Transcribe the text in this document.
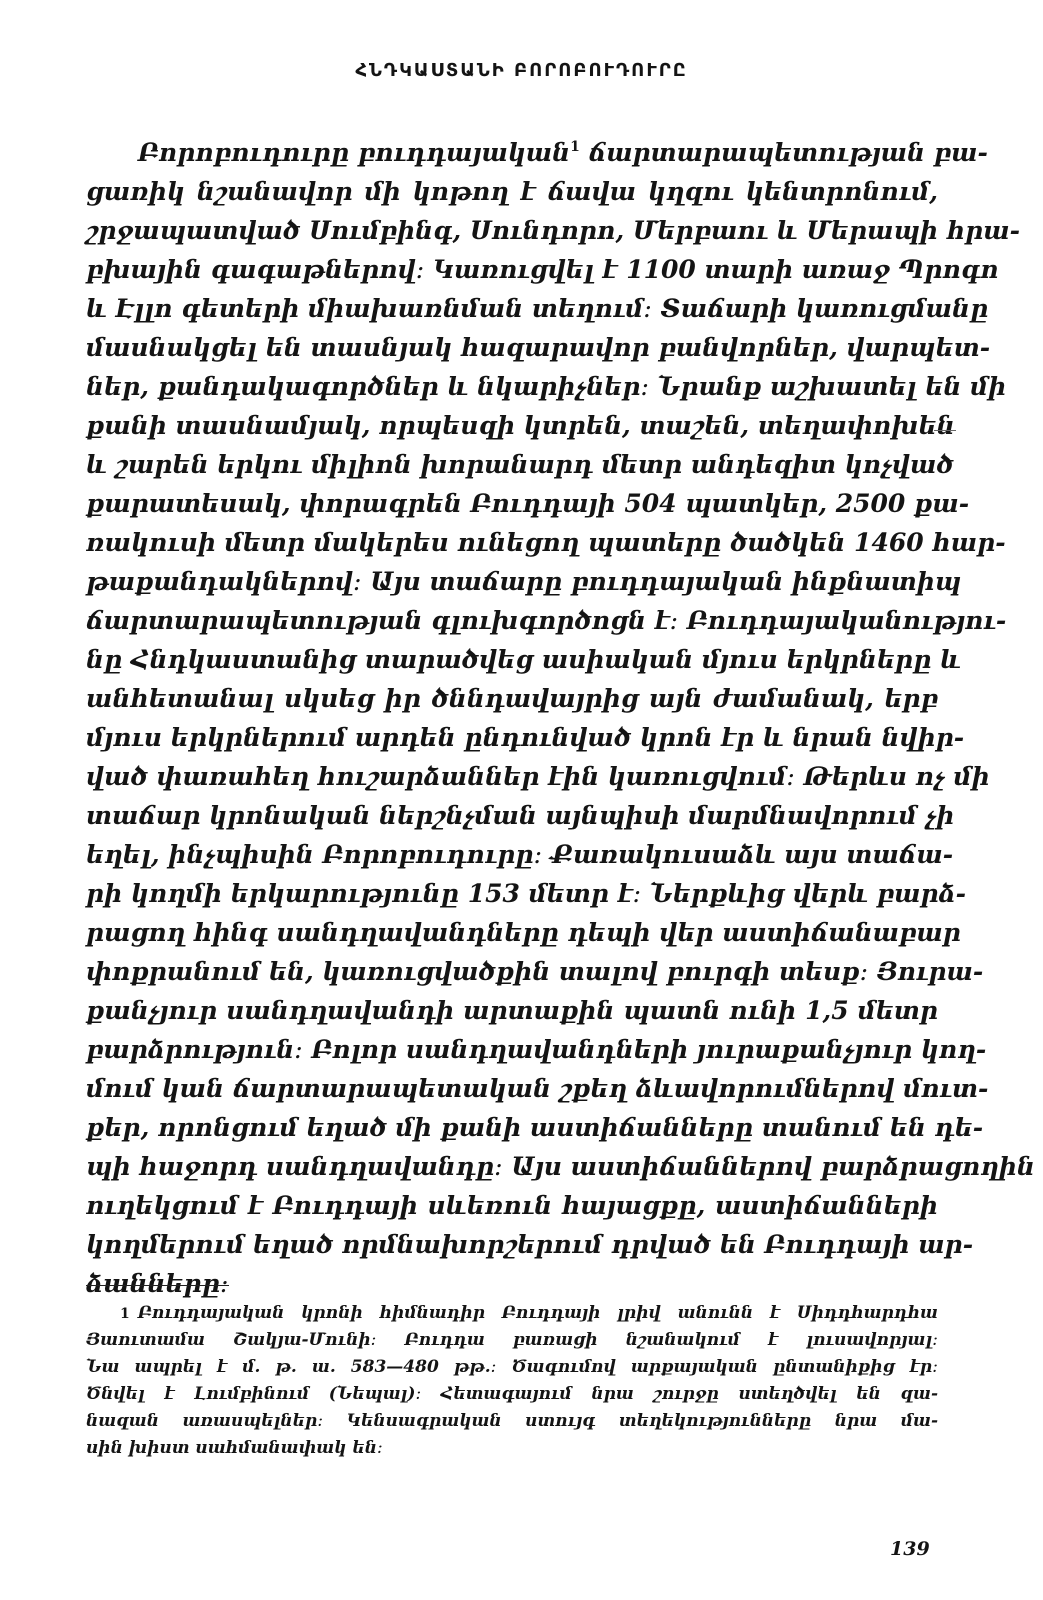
ՀՆԴԿԱՍՏԱՆԻ ԲՈՐՈԲՈՒԴՈՒՐԸ
Բորոբուդուրը բուդդայական$^1$ ճարտարապետության բա-
ցառիկ նշանավոր մի կոթող է ճավա կղզու կենտրոնում,
շրջապատված Սումբինգ, Սունդորո, Մերբաու և Մերապի հրա-
բխային գագաթներով։ Կառուցվել է 1100 տարի առաջ Պրոգո
և Էլլո գետերի միախառնման տեղում։ Տաճարի կառուցմանը
մասնակցել են տասնյակ հազարավոր բանվորներ, վարպետ-
ներ, քանդակագործներ և նկարիչներ։ Նրանք աշխատել են մի
քանի տասնամյակ, որպեսզի կտրեն, տաշեն, տեղափոխեն
և շարեն երկու միլիոն խորանարդ մետր անդեզիտ կոչված
քարատեսակ, փորագրեն Բուդդայի 504 պատկեր, 2500 քա-
ռակուսի մետր մակերես ունեցող պատերը ծածկեն 1460 հար-
թաքանդակներով։ Այս տաճարը բուդդայական ինքնատիպ
ճարտարապետության գլուխգործոցն է։ Բուդդայականությու-
նը Հնդկաստանից տարածվեց ասիական մյուս երկրները և
անհետանալ սկսեց իր ծննդավայրից այն ժամանակ, երբ
մյուս երկրներում արդեն ընդունված կրոն էր և նրան նվիր-
ված փառահեղ հուշարձաններ էին կառուցվում։ Թերևս ոչ մի
տաճար կրոնական ներշնչման այնպիսի մարմնավորում չի
եղել, ինչպիսին Բորոբուդուրը։ Քառակուսաձև այս տաճա-
րի կողմի երկարությունը 153 մետր է։ Ներքևից վերև բարձ-
րացող հինգ սանդղավանդները դեպի վեր աստիճանաբար
փոքրանում են, կառուցվածքին տալով բուրգի տեսք։ Յուրա-
քանչյուր սանդղավանդի արտաքին պատն ունի 1,5 մետր
բարձրություն։ Բոլոր սանդղավանդների յուրաքանչյուր կող-
մում կան ճարտարապետական շքեղ ձևավորումներով մուտ-
քեր, որոնցում եղած մի քանի աստիճանները տանում են դե-
պի հաջորդ սանդղավանդը։ Այս աստիճաններով բարձրացողին
ուղեկցում է Բուդդայի սևեռուն հայացքը, աստիճանների
կողմերում եղած որմնախորշերում դրված են Բուդդայի ար-
ձանները։
1 Բուդդայական կրոնի հիմնադիր Բուդդայի լրիվ անունն է Սիդդհարդհա
Յաուտամա Շակյա-Մունի։ Բուդդա բառացի նշանակում է լուսավորյալ։
Նա ապրել է մ. թ. ա. 583—480 թթ.։ Ծագումով արքայական ընտանիքից էր։
Ծնվել է Լումբինում (Նեպալ)։ Հետագայում նրա շուրջը ստեղծվել են զա-
նազան առասպելներ։ Կենսագրական ստույգ տեղեկությունները նրա մա-
սին խիստ սահմանափակ են։
139
